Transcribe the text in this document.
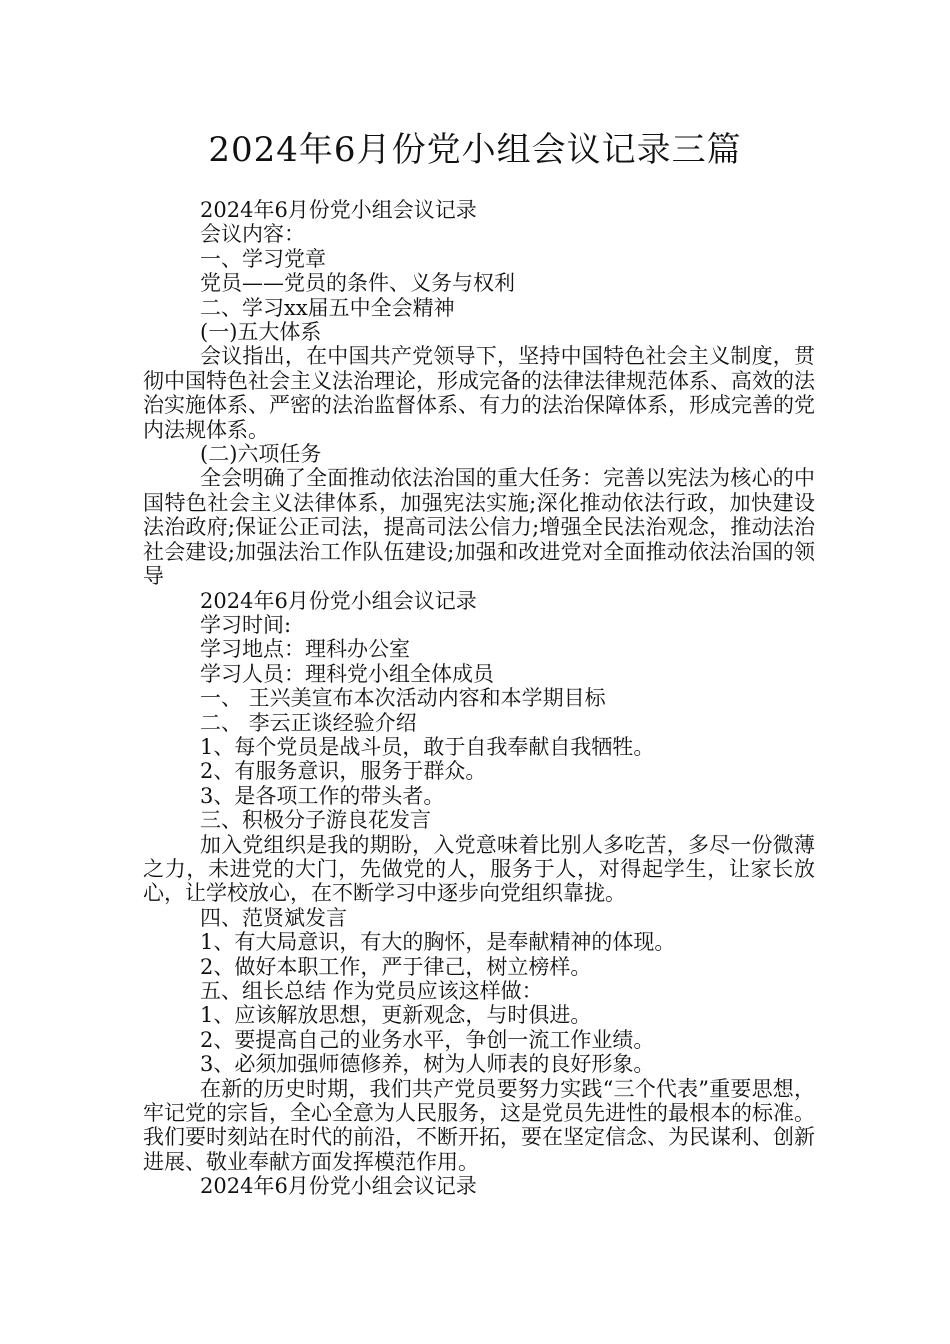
2024年6月份党小组会议记录三篇

2024年6月份党小组会议记录

会议内容：

一、学习党章

党员——党员的条件、义务与权利

二、学习xx届五中全会精神

(一)五大体系

会议指出，在中国共产党领导下，坚持中国特色社会主义制度，贯彻中国特色社会主义法治理论，形成完备的法律法律规范体系、高效的法治实施体系、严密的法治监督体系、有力的法治保障体系，形成完善的党内法规体系。

(二)六项任务

全会明确了全面推动依法治国的重大任务：完善以宪法为核心的中国特色社会主义法律体系，加强宪法实施;深化推动依法行政，加快建设法治政府;保证公正司法，提高司法公信力;增强全民法治观念，推动法治社会建设;加强法治工作队伍建设;加强和改进党对全面推动依法治国的领导

2024年6月份党小组会议记录

学习时间:

学习地点：理科办公室

学习人员：理科党小组全体成员

一、 王兴美宣布本次活动内容和本学期目标

二、 李云正谈经验介绍

1、每个党员是战斗员，敢于自我奉献自我牺牲。

2、有服务意识，服务于群众。

3、是各项工作的带头者。

三、积极分子游良花发言

加入党组织是我的期盼，入党意味着比别人多吃苦，多尽一份微薄之力，未进党的大门，先做党的人，服务于人，对得起学生，让家长放心，让学校放心，在不断学习中逐步向党组织靠拢。

四、范贤斌发言

1、有大局意识，有大的胸怀，是奉献精神的体现。

2、做好本职工作，严于律己，树立榜样。

五、组长总结 作为党员应该这样做：

1、应该解放思想，更新观念，与时俱进。

2、要提高自己的业务水平，争创一流工作业绩。

3、必须加强师德修养，树为人师表的良好形象。

在新的历史时期，我们共产党员要努力实践“三个代表”重要思想，牢记党的宗旨，全心全意为人民服务，这是党员先进性的最根本的标准。我们要时刻站在时代的前沿，不断开拓，要在坚定信念、为民谋利、创新进展、敬业奉献方面发挥模范作用。

2024年6月份党小组会议记录
